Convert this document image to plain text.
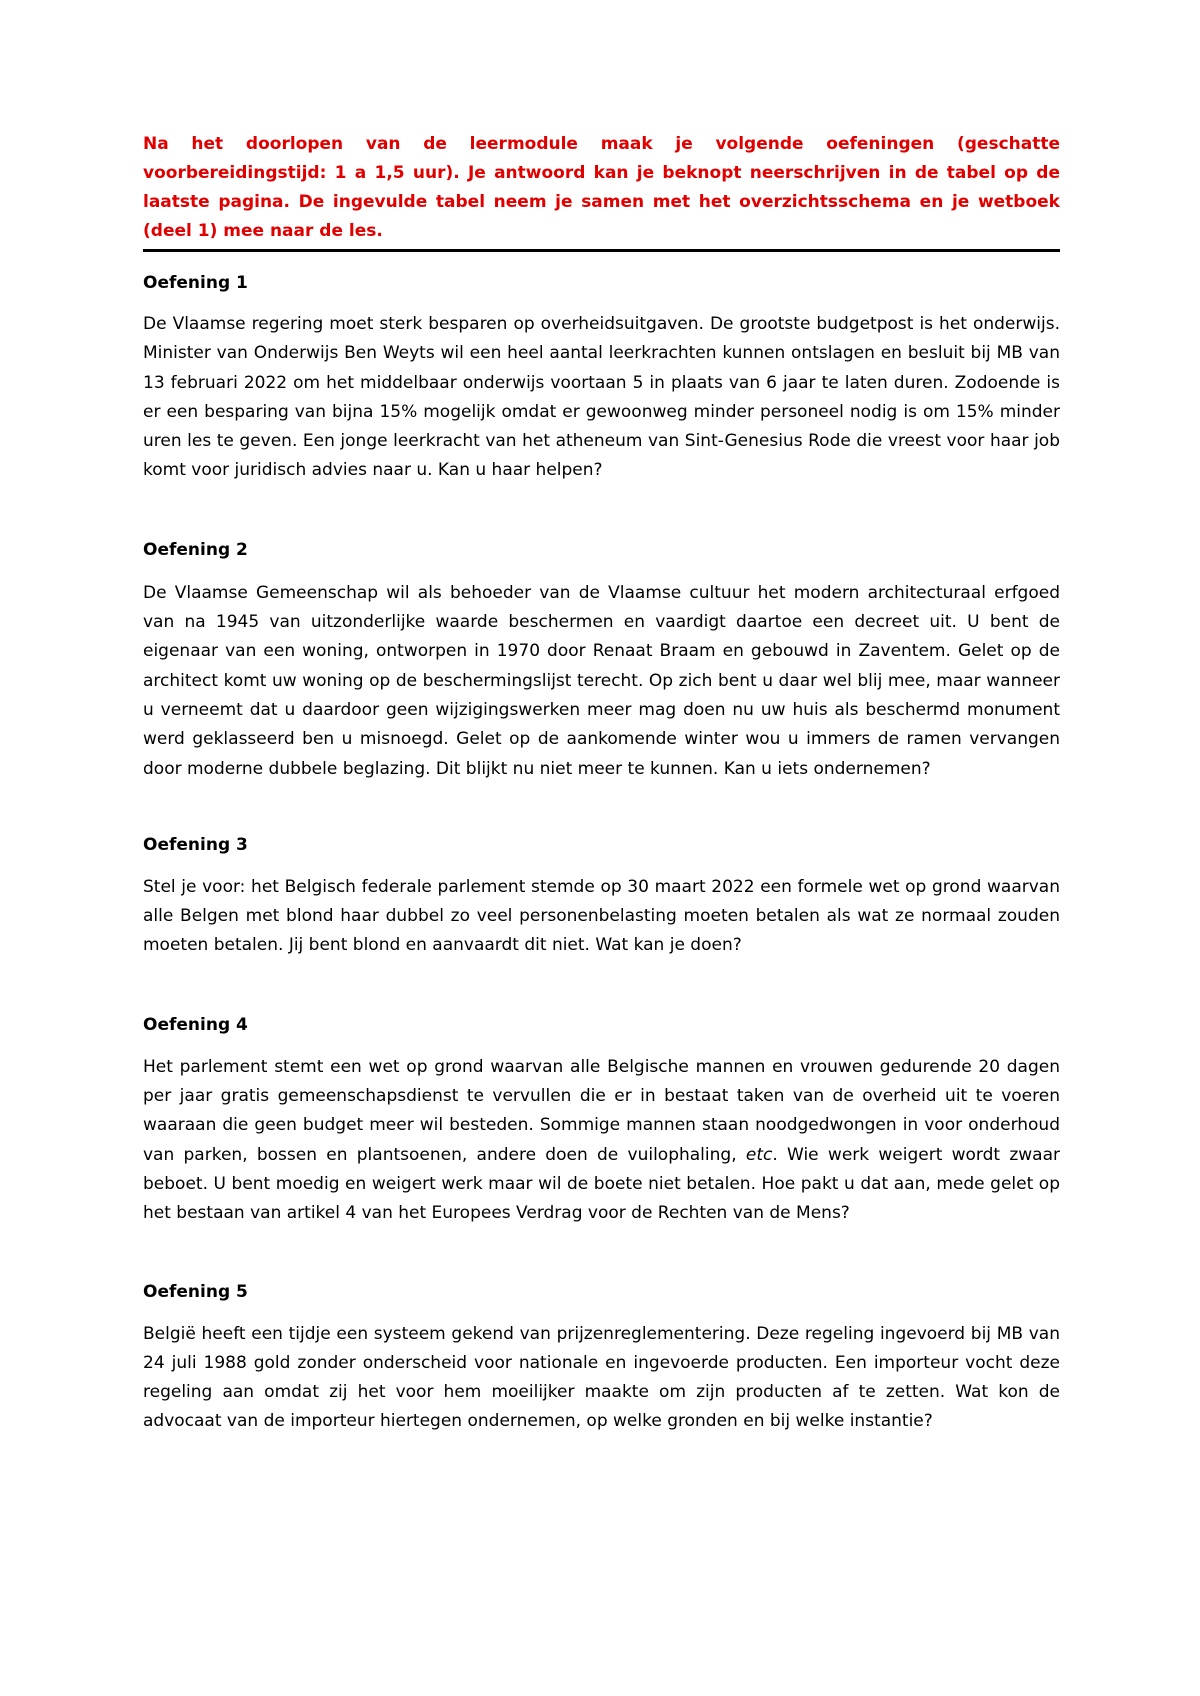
Na het doorlopen van de leermodule maak je volgende oefeningen (geschatte voorbereidingstijd: 1 a 1,5 uur). Je antwoord kan je beknopt neerschrijven in de tabel op de laatste pagina. De ingevulde tabel neem je samen met het overzichtsschema en je wetboek (deel 1) mee naar de les.

Oefening 1

De Vlaamse regering moet sterk besparen op overheidsuitgaven. De grootste budgetpost is het onderwijs. Minister van Onderwijs Ben Weyts wil een heel aantal leerkrachten kunnen ontslagen en besluit bij MB van 13 februari 2022 om het middelbaar onderwijs voortaan 5 in plaats van 6 jaar te laten duren. Zodoende is er een besparing van bijna 15% mogelijk omdat er gewoonweg minder personeel nodig is om 15% minder uren les te geven. Een jonge leerkracht van het atheneum van Sint-Genesius Rode die vreest voor haar job komt voor juridisch advies naar u. Kan u haar helpen?

Oefening 2

De Vlaamse Gemeenschap wil als behoeder van de Vlaamse cultuur het modern architecturaal erfgoed van na 1945 van uitzonderlijke waarde beschermen en vaardigt daartoe een decreet uit. U bent de eigenaar van een woning, ontworpen in 1970 door Renaat Braam en gebouwd in Zaventem. Gelet op de architect komt uw woning op de beschermingslijst terecht. Op zich bent u daar wel blij mee, maar wanneer u verneemt dat u daardoor geen wijzigingswerken meer mag doen nu uw huis als beschermd monument werd geklasseerd ben u misnoegd. Gelet op de aankomende winter wou u immers de ramen vervangen door moderne dubbele beglazing. Dit blijkt nu niet meer te kunnen. Kan u iets ondernemen?

Oefening 3

Stel je voor: het Belgisch federale parlement stemde op 30 maart 2022 een formele wet op grond waarvan alle Belgen met blond haar dubbel zo veel personenbelasting moeten betalen als wat ze normaal zouden moeten betalen. Jij bent blond en aanvaardt dit niet. Wat kan je doen?

Oefening 4

Het parlement stemt een wet op grond waarvan alle Belgische mannen en vrouwen gedurende 20 dagen per jaar gratis gemeenschapsdienst te vervullen die er in bestaat taken van de overheid uit te voeren waaraan die geen budget meer wil besteden. Sommige mannen staan noodgedwongen in voor onderhoud van parken, bossen en plantsoenen, andere doen de vuilophaling, etc. Wie werk weigert wordt zwaar beboet. U bent moedig en weigert werk maar wil de boete niet betalen. Hoe pakt u dat aan, mede gelet op het bestaan van artikel 4 van het Europees Verdrag voor de Rechten van de Mens?

Oefening 5

België heeft een tijdje een systeem gekend van prijzenreglementering. Deze regeling ingevoerd bij MB van 24 juli 1988 gold zonder onderscheid voor nationale en ingevoerde producten. Een importeur vocht deze regeling aan omdat zij het voor hem moeilijker maakte om zijn producten af te zetten. Wat kon de advocaat van de importeur hiertegen ondernemen, op welke gronden en bij welke instantie?
